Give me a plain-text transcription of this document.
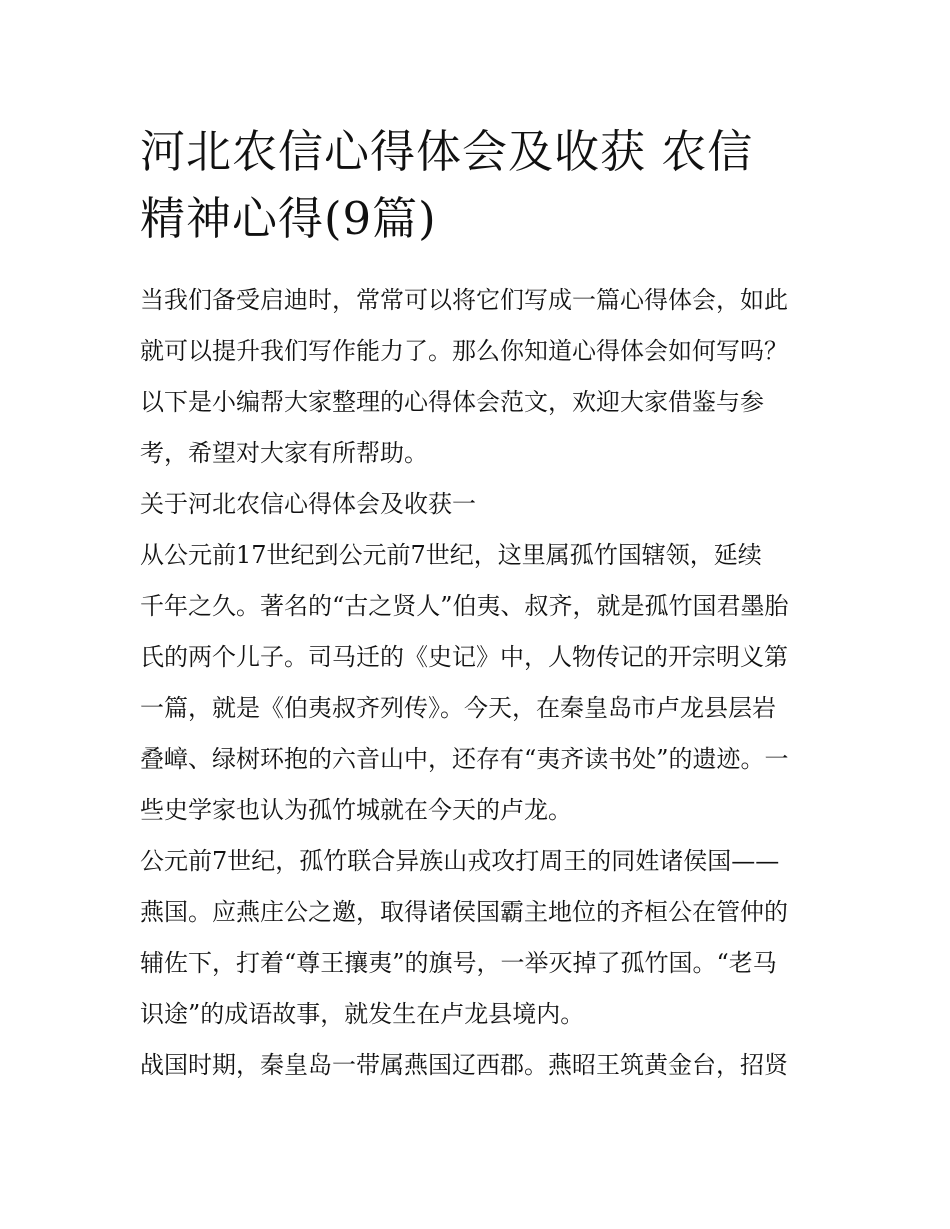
河北农信心得体会及收获 农信
精神心得(9篇)
当我们备受启迪时，常常可以将它们写成一篇心得体会，如此
就可以提升我们写作能力了。那么你知道心得体会如何写吗？
以下是小编帮大家整理的心得体会范文，欢迎大家借鉴与参
考，希望对大家有所帮助。
关于河北农信心得体会及收获一
从公元前17世纪到公元前7世纪，这里属孤竹国辖领，延续
千年之久。著名的“古之贤人”伯夷、叔齐，就是孤竹国君墨胎
氏的两个儿子。司马迁的《史记》中，人物传记的开宗明义第
一篇，就是《伯夷叔齐列传》。今天，在秦皇岛市卢龙县层岩
叠嶂、绿树环抱的六音山中，还存有“夷齐读书处”的遗迹。一
些史学家也认为孤竹城就在今天的卢龙。
公元前7世纪，孤竹联合异族山戎攻打周王的同姓诸侯国——
燕国。应燕庄公之邀，取得诸侯国霸主地位的齐桓公在管仲的
辅佐下，打着“尊王攘夷”的旗号，一举灭掉了孤竹国。“老马
识途”的成语故事，就发生在卢龙县境内。
战国时期，秦皇岛一带属燕国辽西郡。燕昭王筑黄金台，招贤
